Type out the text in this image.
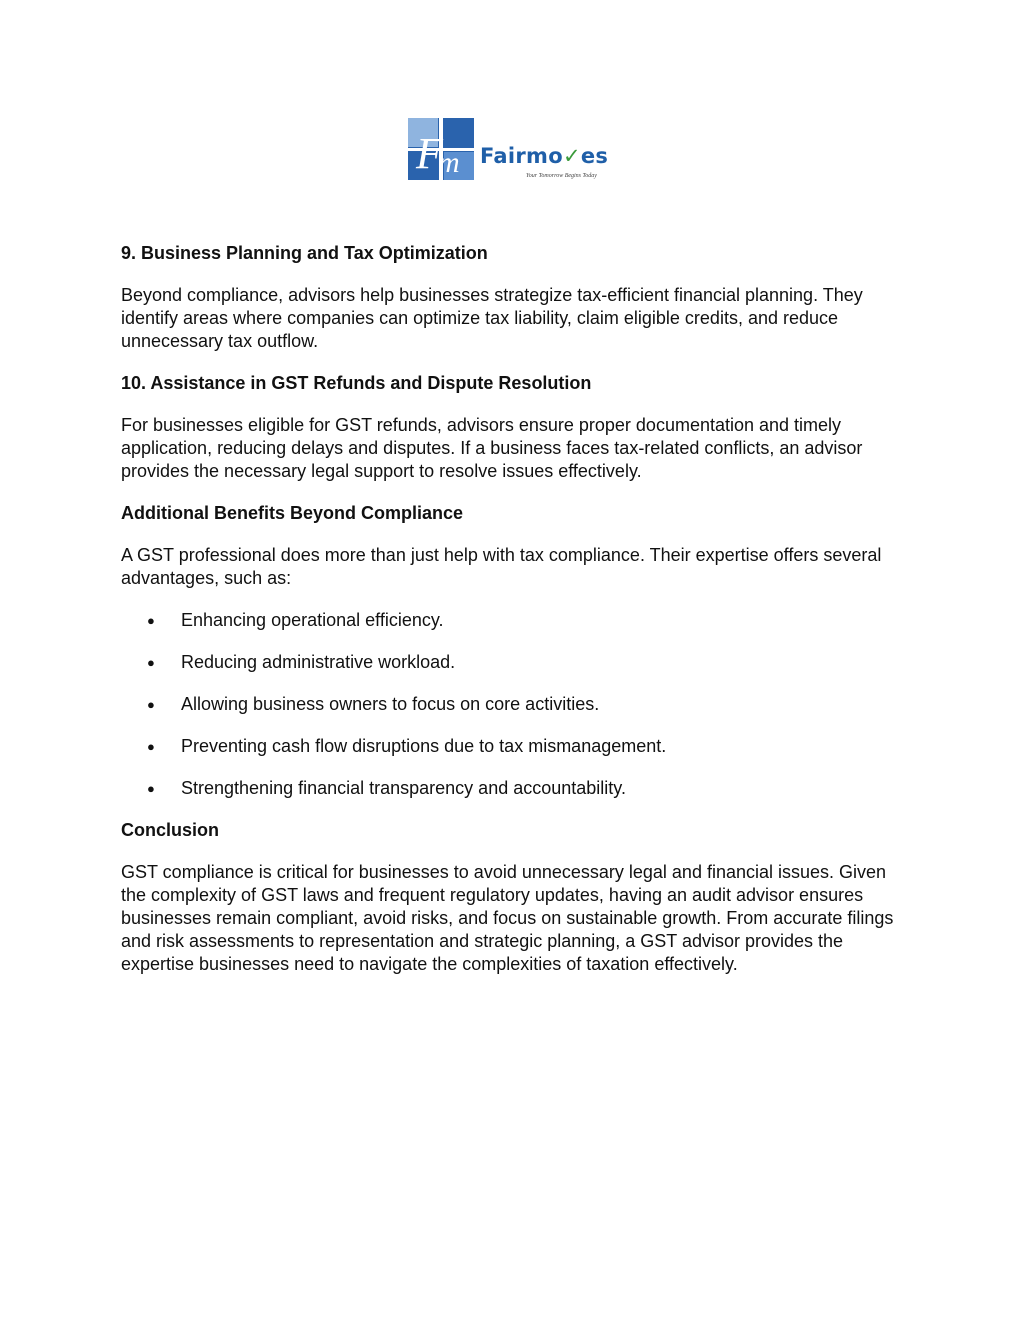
F
m Fairmo✓es
Your Tomorrow Begins Today
9. Business Planning and Tax Optimization

Beyond compliance, advisors help businesses strategize tax-efficient financial planning. They identify areas where companies can optimize tax liability, claim eligible credits, and reduce unnecessary tax outflow.

10. Assistance in GST Refunds and Dispute Resolution

For businesses eligible for GST refunds, advisors ensure proper documentation and timely application, reducing delays and disputes. If a business faces tax-related conflicts, an advisor provides the necessary legal support to resolve issues effectively.

Additional Benefits Beyond Compliance

A GST professional does more than just help with tax compliance. Their expertise offers several advantages, such as:

● Enhancing operational efficiency.
● Reducing administrative workload.
● Allowing business owners to focus on core activities.
● Preventing cash flow disruptions due to tax mismanagement.
● Strengthening financial transparency and accountability.
Conclusion

GST compliance is critical for businesses to avoid unnecessary legal and financial issues. Given the complexity of GST laws and frequent regulatory updates, having an audit advisor ensures businesses remain compliant, avoid risks, and focus on sustainable growth. From accurate filings and risk assessments to representation and strategic planning, a GST advisor provides the expertise businesses need to navigate the complexities of taxation effectively.
